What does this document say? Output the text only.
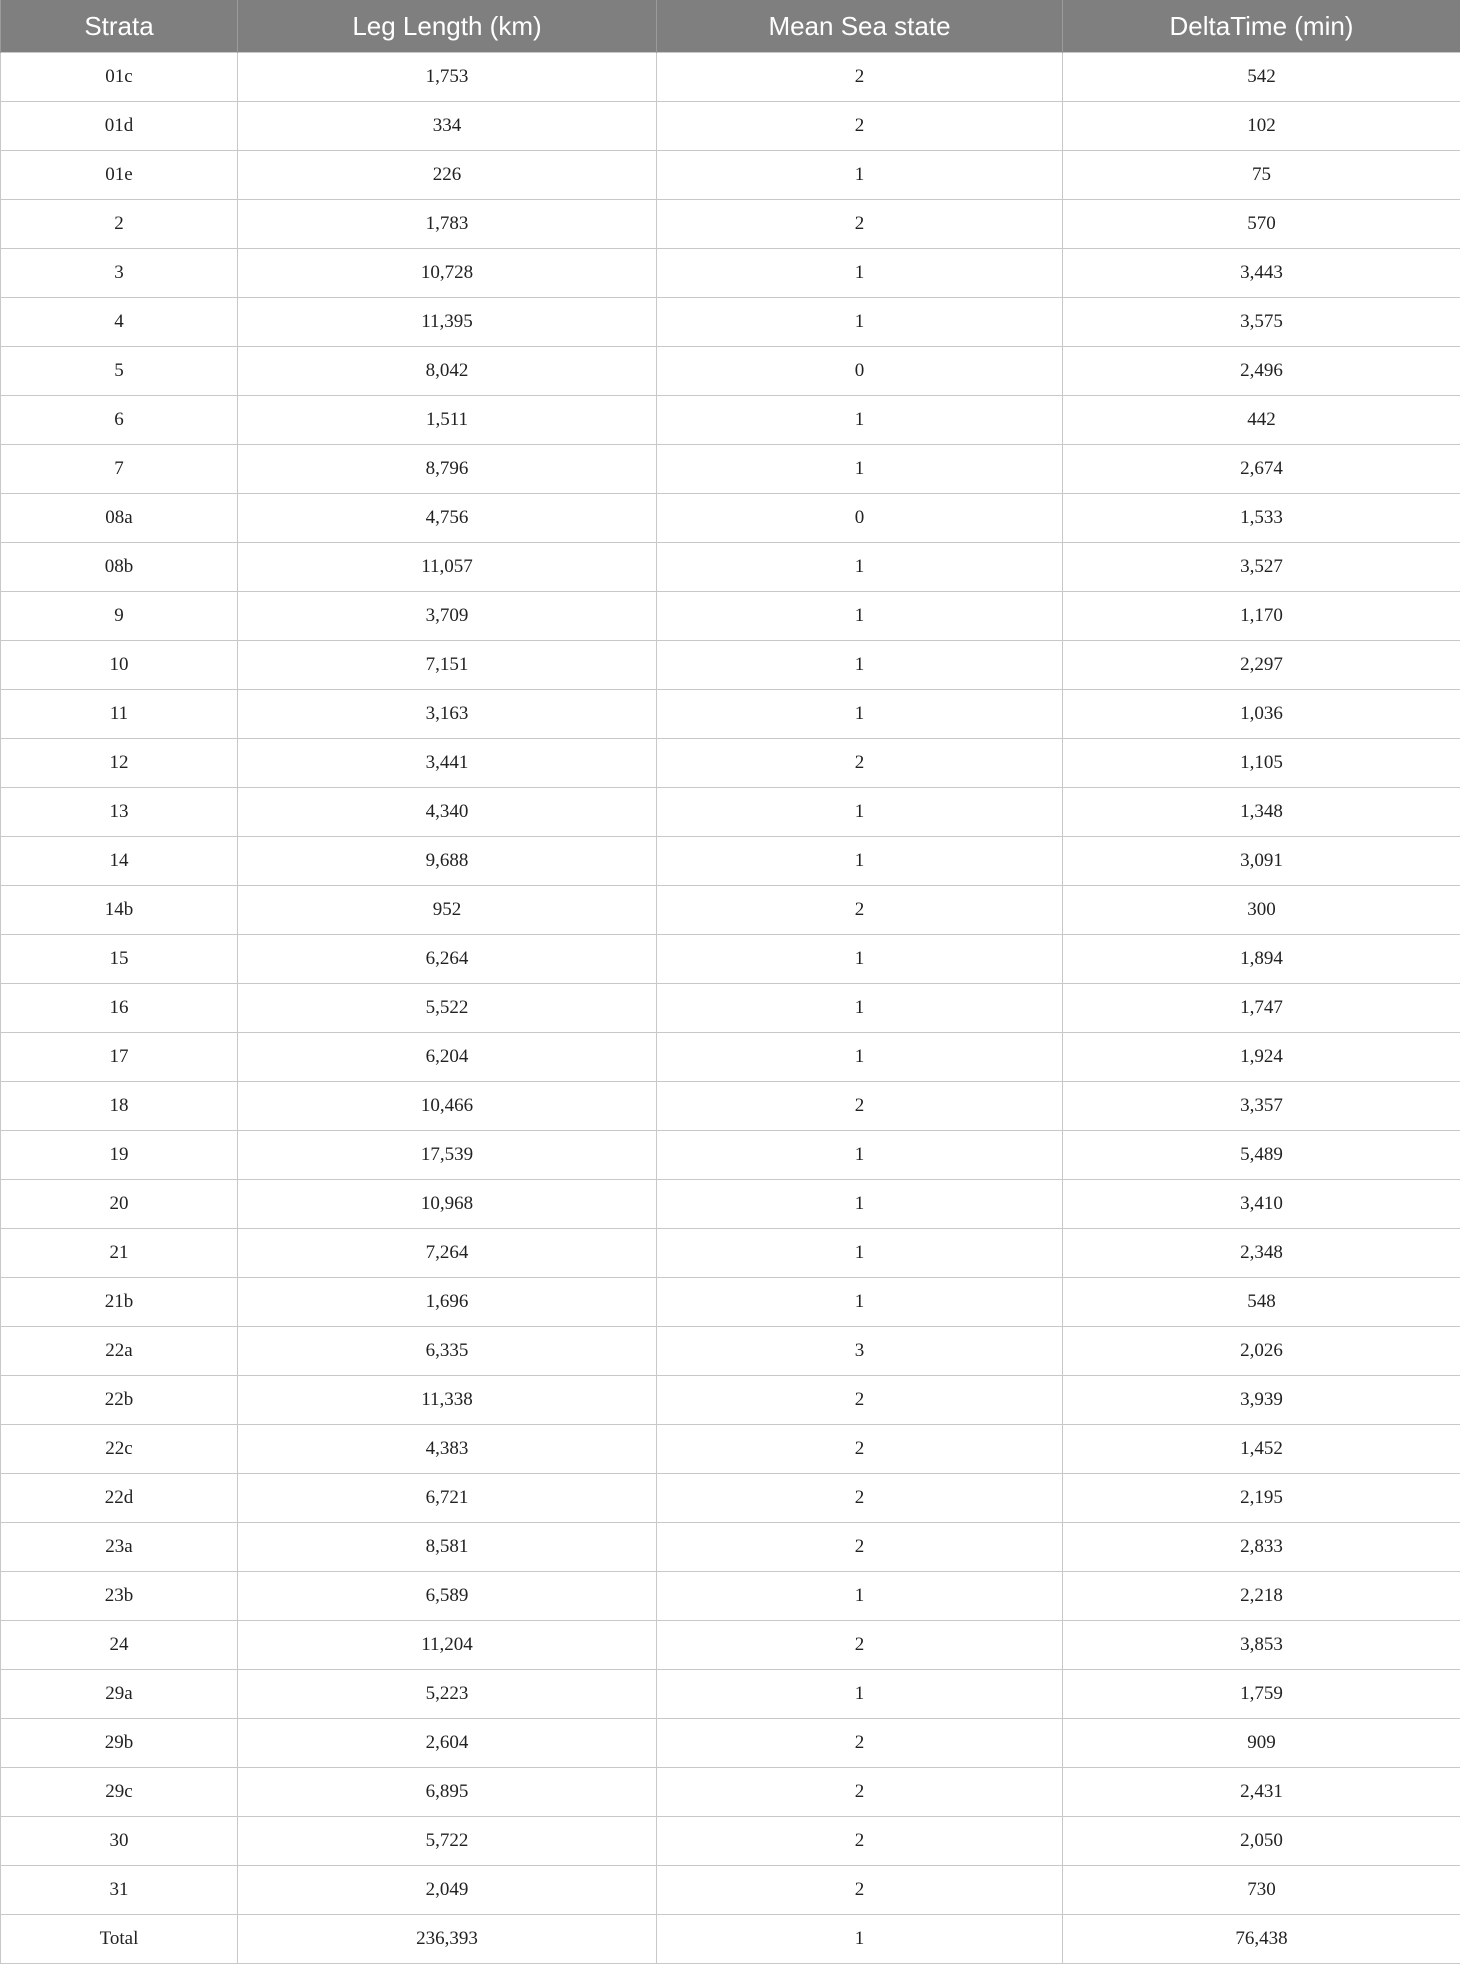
Strata	Leg Length (km)	Mean Sea state	DeltaTime (min)
01c	1,753	2	542
01d	334	2	102
01e	226	1	75
2	1,783	2	570
3	10,728	1	3,443
4	11,395	1	3,575
5	8,042	0	2,496
6	1,511	1	442
7	8,796	1	2,674
08a	4,756	0	1,533
08b	11,057	1	3,527
9	3,709	1	1,170
10	7,151	1	2,297
11	3,163	1	1,036
12	3,441	2	1,105
13	4,340	1	1,348
14	9,688	1	3,091
14b	952	2	300
15	6,264	1	1,894
16	5,522	1	1,747
17	6,204	1	1,924
18	10,466	2	3,357
19	17,539	1	5,489
20	10,968	1	3,410
21	7,264	1	2,348
21b	1,696	1	548
22a	6,335	3	2,026
22b	11,338	2	3,939
22c	4,383	2	1,452
22d	6,721	2	2,195
23a	8,581	2	2,833
23b	6,589	1	2,218
24	11,204	2	3,853
29a	5,223	1	1,759
29b	2,604	2	909
29c	6,895	2	2,431
30	5,722	2	2,050
31	2,049	2	730
Total	236,393	1	76,438
